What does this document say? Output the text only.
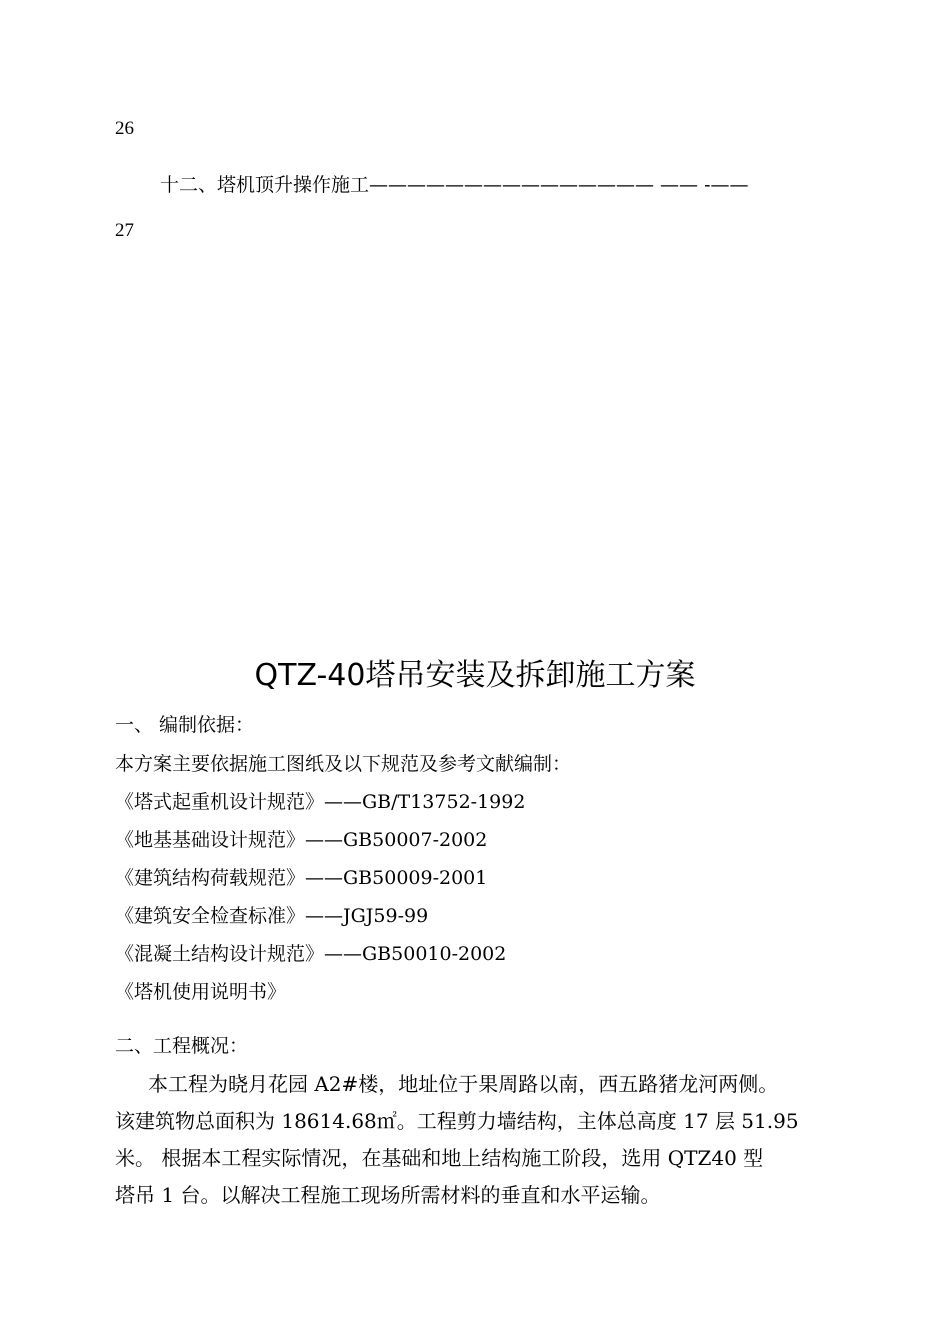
26
十二、塔机顶升操作施工——————————————— —— -——
27
QTZ-40塔吊安装及拆卸施工方案
一、 编制依据：
本方案主要依据施工图纸及以下规范及参考文献编制：
《塔式起重机设计规范》——GB/T13752-1992
《地基基础设计规范》——GB50007-2002
《建筑结构荷载规范》——GB50009-2001
《建筑安全检查标准》——JGJ59-99
《混凝土结构设计规范》——GB50010-2002
《塔机使用说明书》
二、工程概况：

本工程为晓月花园 A2#楼，地址位于果周路以南，西五路猪龙河两侧。

该建筑物总面积为 18614.68㎡。工程剪力墙结构，主体总高度 17 层 51.95

米。 根据本工程实际情况，在基础和地上结构施工阶段，选用 QTZ40 型

塔吊 1 台。以解决工程施工现场所需材料的垂直和水平运输。
